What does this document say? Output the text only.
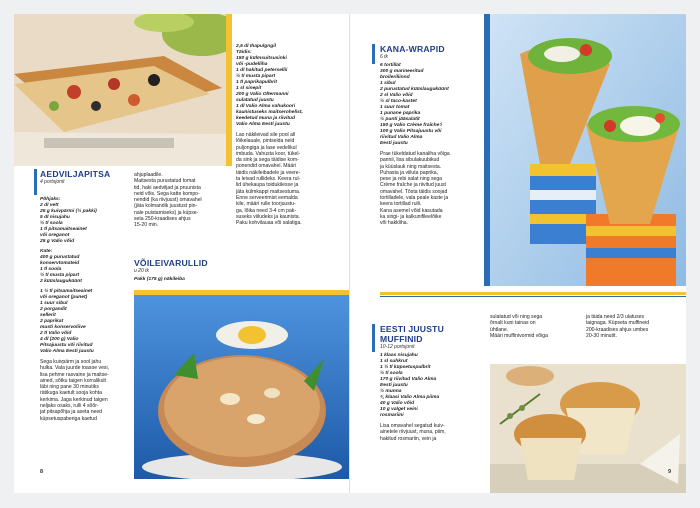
AEDVILJAPITSA

4 portsjonit

Põhjaks:

2 dl vett

25 g kuivpärmi (½ pakki)

5 dl nisujahu

½ tl soola

1 tl pitsamaitseainet

või oreganot

25 g Valio võid

Kate:

400 g purustatud

konservtomateid

1 tl soola

½ tl musta pipart

2 küüslauguküünt

1 ½ tl pitsamaitseainet

või oreganot (punet)

1 suur sibul

2 porgandit

sellerit

2 paprikat

musti konservoliive

2 tl Valio võid

4 dl (200 g) Valio

Pitsajuustu või riivitud

Valio Alma Eesti juustu

Sega kuivpärm ja sool jahu

hulka. Vala juurde toasoe vesi,

lisa pehme rasvaine ja maitse-

ained, sõtku taigen korralikult

läbi ning pane 30 minutiks

rätikuga kaetult sooja kohta

kerkima. Jaga kerkinud taigen

neljaks osaks, rulli 4 sõõr-

jat pitsapõhja ja aseta need

küpsetuspaberiga kaetud

ahjuplaadile.

Maitsesta purustatud tomat

tid, haki aedviljad ja pruunista

neid võis. Sega katte kompo-

nendid (ka riivjuust) omavahel

(jäta kolmandik juustust pin-

nale puistamiseks) ja küpse-

seta 250-kraadises ahjus

15-20 min.

VÕILEIVARULLID

u 20 tk

Pakk (175 g) näkileiba

2,5 dl Ihapulgngil

Täidis:

150 g külmsuitsusinki

või -pudelliha

1 dl hakitud petersellii

½ tl musta pipart

1 tl paprikapulbrit

1 sl sinepit

200 g Valio Oltermanni

sulatatud juustu

1 dl Valio Alma vahukoori

kaunistuseks maitserohelist,

keedetud muna ja riivitud

Valio Alma Eesti juustu

Lao näkileivad sile pool all

lõikelauale, pintselda neid

puljongiga ja lase vedelikul

imbuda. Vahusta koor, tükel-

da sink ja sega täidise kom-

ponendid omavahel. Määri

täidis näkileibadele ja veere-

ta leivad rullideks. Keera rul-

lid ühekaupa toidukilesse ja

jäta külmkappi maitsestuma.

Enne serveerimist eemalda

kile, määri rulle toorjuustu-

ga, lõika need 3-4 cm pak-

suseks viiludeks ja kaunista.

Paku kohvilauaa või salatiga.

8

KANA-WRAPID

6 tk

6 tortillat

300 g marineeritud

broileriliinnd

1 sibul

2 purustatud küüslauguküünt

2 sl Valio võid

½ sl taco-kastet

1 suur tomat

1 punane paprika

½ punti jääsalatit

150 g Valio Crème fraîche'i

100 g Valio Pitsajuustu või

riivitud Valio Alma

Eesti juustu

Prae tükeldatud kanaliha võiga

pannil, lisa sibulakuubikud

ja küüslauk ning maitsesta.

Puhasta ja viiluta paprika,

pese ja rebi salat ning sega

Crème fraîche ja riivitud juust

omavahel. Tõsta täidis soojad

tortilladele, vala peale kaste ja

keera tortillad rulli.

Kana asemel võid kasutada

ka singi- ja kalkunifileelõike

või hakkliha.

EESTI JUUSTU

MUFFINID

10-12 portsjonit

1 klaas nisujahu

1 sl suhkrut

1 ½ tl küpsetuspulbrit

½ tl soola

170 g riivitud Valio Alma

Eesti juustu

½ munna

¾ klaasi Valio Alma piima

40 g Valio võid

10 g valget veini

rosmariini

Lisa omavahel segatud kuiv-

ainetele riivjuust, muna, piim,

hakitud rosmariin, vein ja

sulatatud või ning sega

õrnalt kuni tainas on

ühtlane.

Määri muffinivormid võiga

ja täida need 2/3 ulatuses

taignaga. Küpseta muffineid

200-kraadises ahjus umbes

20-30 minutit.

9
